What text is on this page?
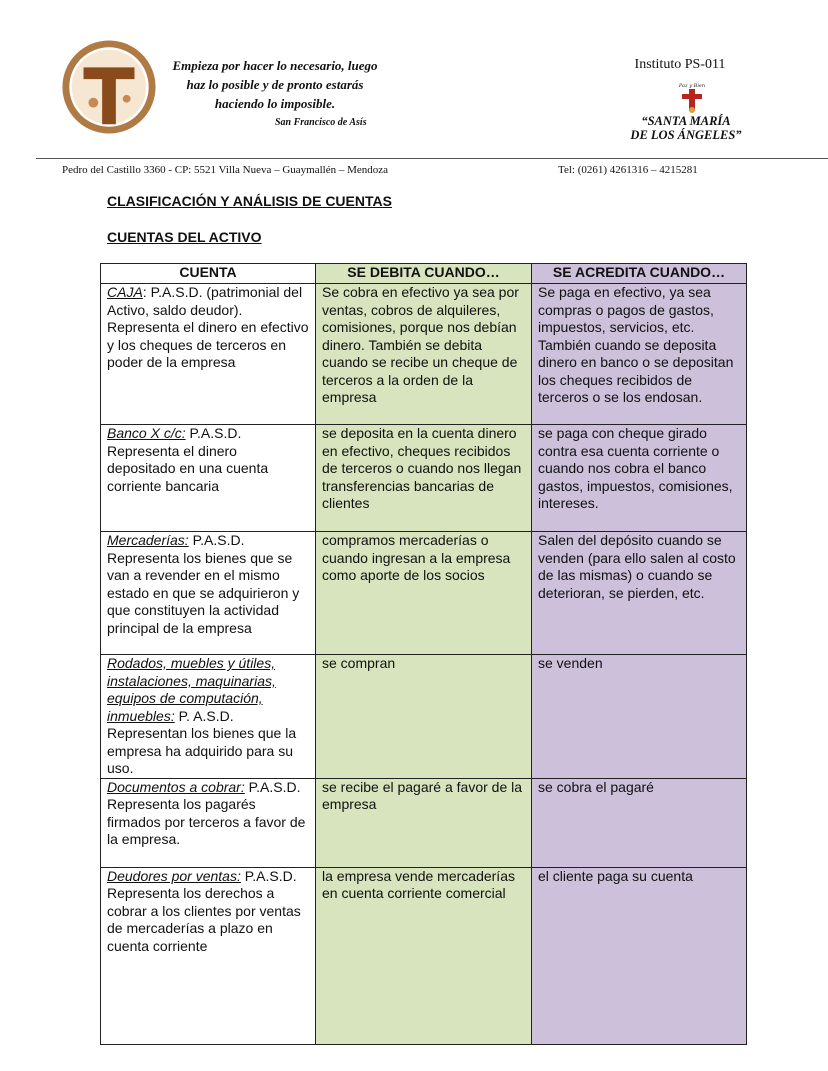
Empieza por hacer lo necesario, luego
haz lo posible y de pronto estarás
haciendo lo imposible.
San Francisco de Asís
Instituto PS-011
Paz y Bien
“SANTA MARÍA
DE LOS ÁNGELES”
Pedro del Castillo 3360 - CP: 5521 Villa Nueva – Guaymallén – Mendoza	Tel: (0261) 4261316 – 4215281
CLASIFICACIÓN Y ANÁLISIS DE CUENTAS
CUENTAS DEL ACTIVO
CUENTA	SE DEBITA CUANDO…	SE ACREDITA CUANDO…
CAJA: P.A.S.D. (patrimonial del Activo, saldo deudor). Representa el dinero en efectivo y los cheques de terceros en poder de la empresa	Se cobra en efectivo ya sea por ventas, cobros de alquileres, comisiones, porque nos debían dinero. También se debita cuando se recibe un cheque de terceros a la orden de la empresa	Se paga en efectivo, ya sea compras o pagos de gastos, impuestos, servicios, etc. También cuando se deposita dinero en banco o se depositan los cheques recibidos de terceros o se los endosan.
Banco X c/c: P.A.S.D. Representa el dinero depositado en una cuenta corriente bancaria	se deposita en la cuenta dinero en efectivo, cheques recibidos de terceros o cuando nos llegan transferencias bancarias de clientes	se paga con cheque girado contra esa cuenta corriente o cuando nos cobra el banco gastos, impuestos, comisiones, intereses.
Mercaderías: P.A.S.D. Representa los bienes que se van a revender en el mismo estado en que se adquirieron y que constituyen la actividad principal de la empresa	compramos mercaderías o cuando ingresan a la empresa como aporte de los socios	Salen del depósito cuando se venden (para ello salen al costo de las mismas) o cuando se deterioran, se pierden, etc.
Rodados, muebles y útiles, instalaciones, maquinarias, equipos de computación, inmuebles: P. A.S.D. Representan los bienes que la empresa ha adquirido para su uso.	se compran	se venden
Documentos a cobrar: P.A.S.D. Representa los pagarés firmados por terceros a favor de la empresa.	se recibe el pagaré a favor de la empresa	se cobra el pagaré
Deudores por ventas: P.A.S.D. Representa los derechos a cobrar a los clientes por ventas de mercaderías a plazo en cuenta corriente	la empresa vende mercaderías en cuenta corriente comercial	el cliente paga su cuenta
